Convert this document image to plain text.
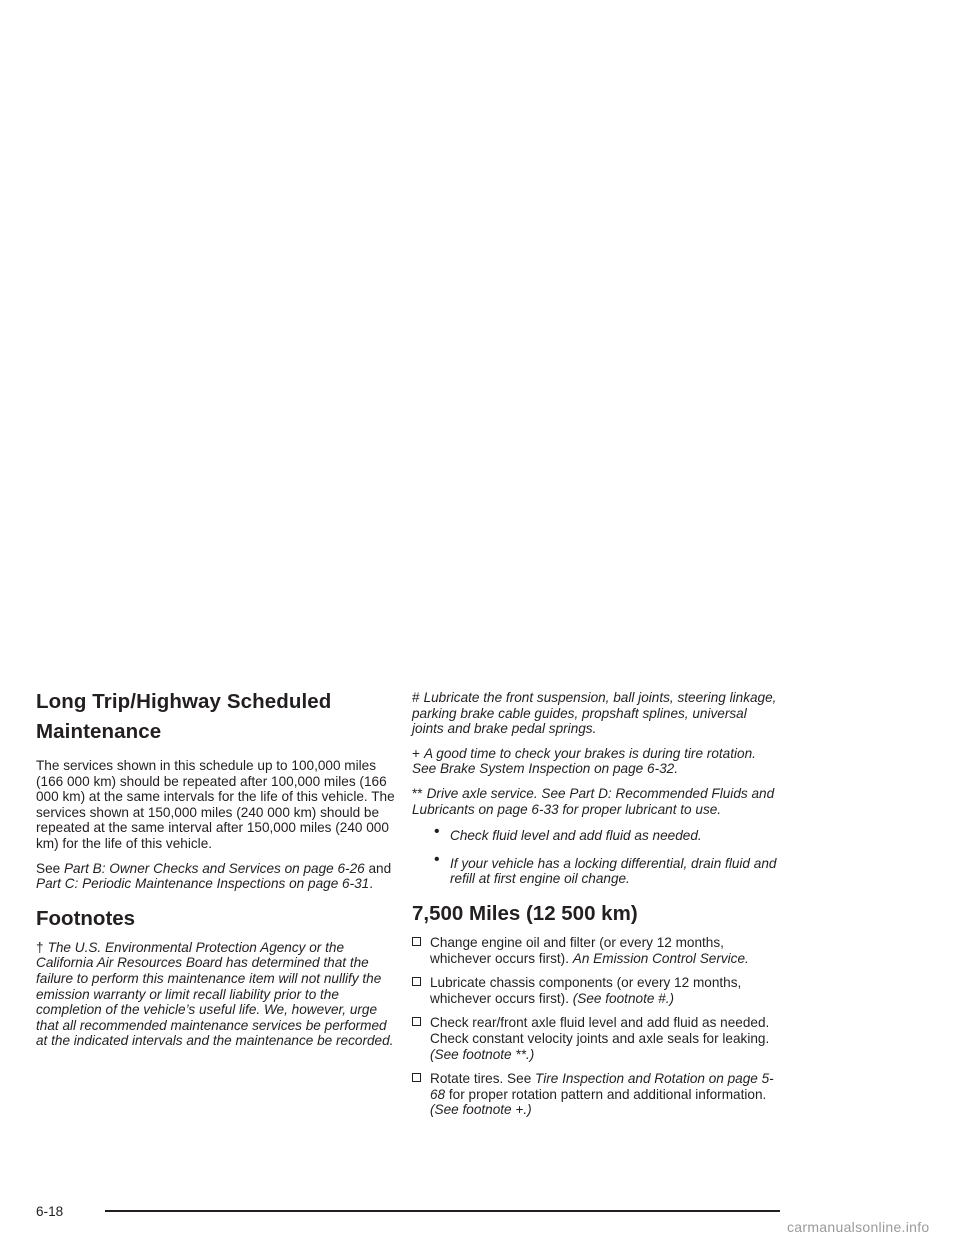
Long Trip/Highway Scheduled Maintenance

The services shown in this schedule up to 100,000 miles (166 000 km) should be repeated after 100,000 miles (166 000 km) at the same intervals for the life of this vehicle. The services shown at 150,000 miles (240 000 km) should be repeated at the same interval after 150,000 miles (240 000 km) for the life of this vehicle.

See Part B: Owner Checks and Services on page 6-26 and Part C: Periodic Maintenance Inspections on page 6-31.

Footnotes

† The U.S. Environmental Protection Agency or the California Air Resources Board has determined that the failure to perform this maintenance item will not nullify the emission warranty or limit recall liability prior to the completion of the vehicle’s useful life. We, however, urge that all recommended maintenance services be performed at the indicated intervals and the maintenance be recorded.

# Lubricate the front suspension, ball joints, steering linkage, parking brake cable guides, propshaft splines, universal joints and brake pedal springs.

+ A good time to check your brakes is during tire rotation. See Brake System Inspection on page 6-32.

** Drive axle service. See Part D: Recommended Fluids and Lubricants on page 6-33 for proper lubricant to use.

• Check fluid level and add fluid as needed.
• If your vehicle has a locking differential, drain fluid and refill at first engine oil change.
7,500 Miles (12 500 km)
Change engine oil and filter (or every 12 months, whichever occurs first). An Emission Control Service.
Lubricate chassis components (or every 12 months, whichever occurs first). (See footnote #.)
Check rear/front axle fluid level and add fluid as needed. Check constant velocity joints and axle seals for leaking. (See footnote **.)
Rotate tires. See Tire Inspection and Rotation on page 5-68 for proper rotation pattern and additional information. (See footnote +.)
6-18
carmanualsonline.info
